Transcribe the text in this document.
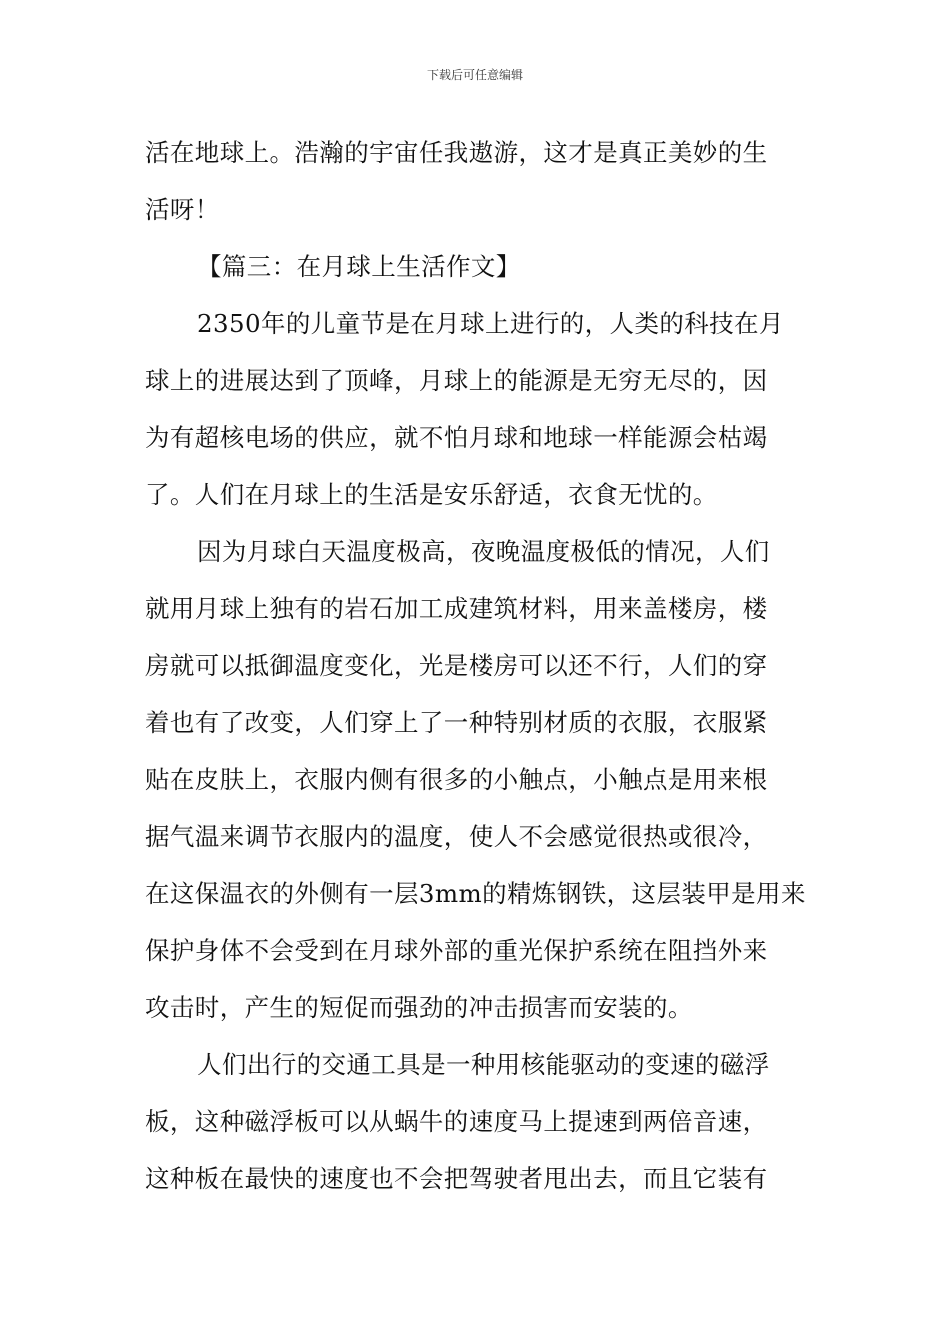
下载后可任意编辑
活在地球上。浩瀚的宇宙任我遨游，这才是真正美妙的生
活呀！
【篇三：在月球上生活作文】
2350年的儿童节是在月球上进行的，人类的科技在月
球上的进展达到了顶峰，月球上的能源是无穷无尽的，因
为有超核电场的供应，就不怕月球和地球一样能源会枯竭
了。人们在月球上的生活是安乐舒适，衣食无忧的。
因为月球白天温度极高，夜晚温度极低的情况，人们
就用月球上独有的岩石加工成建筑材料，用来盖楼房，楼
房就可以抵御温度变化，光是楼房可以还不行，人们的穿
着也有了改变，人们穿上了一种特别材质的衣服，衣服紧
贴在皮肤上，衣服内侧有很多的小触点，小触点是用来根
据气温来调节衣服内的温度，使人不会感觉很热或很冷，
在这保温衣的外侧有一层3mm的精炼钢铁，这层装甲是用来
保护身体不会受到在月球外部的重光保护系统在阻挡外来
攻击时，产生的短促而强劲的冲击损害而安装的。
人们出行的交通工具是一种用核能驱动的变速的磁浮
板，这种磁浮板可以从蜗牛的速度马上提速到两倍音速，
这种板在最快的速度也不会把驾驶者甩出去，而且它装有
